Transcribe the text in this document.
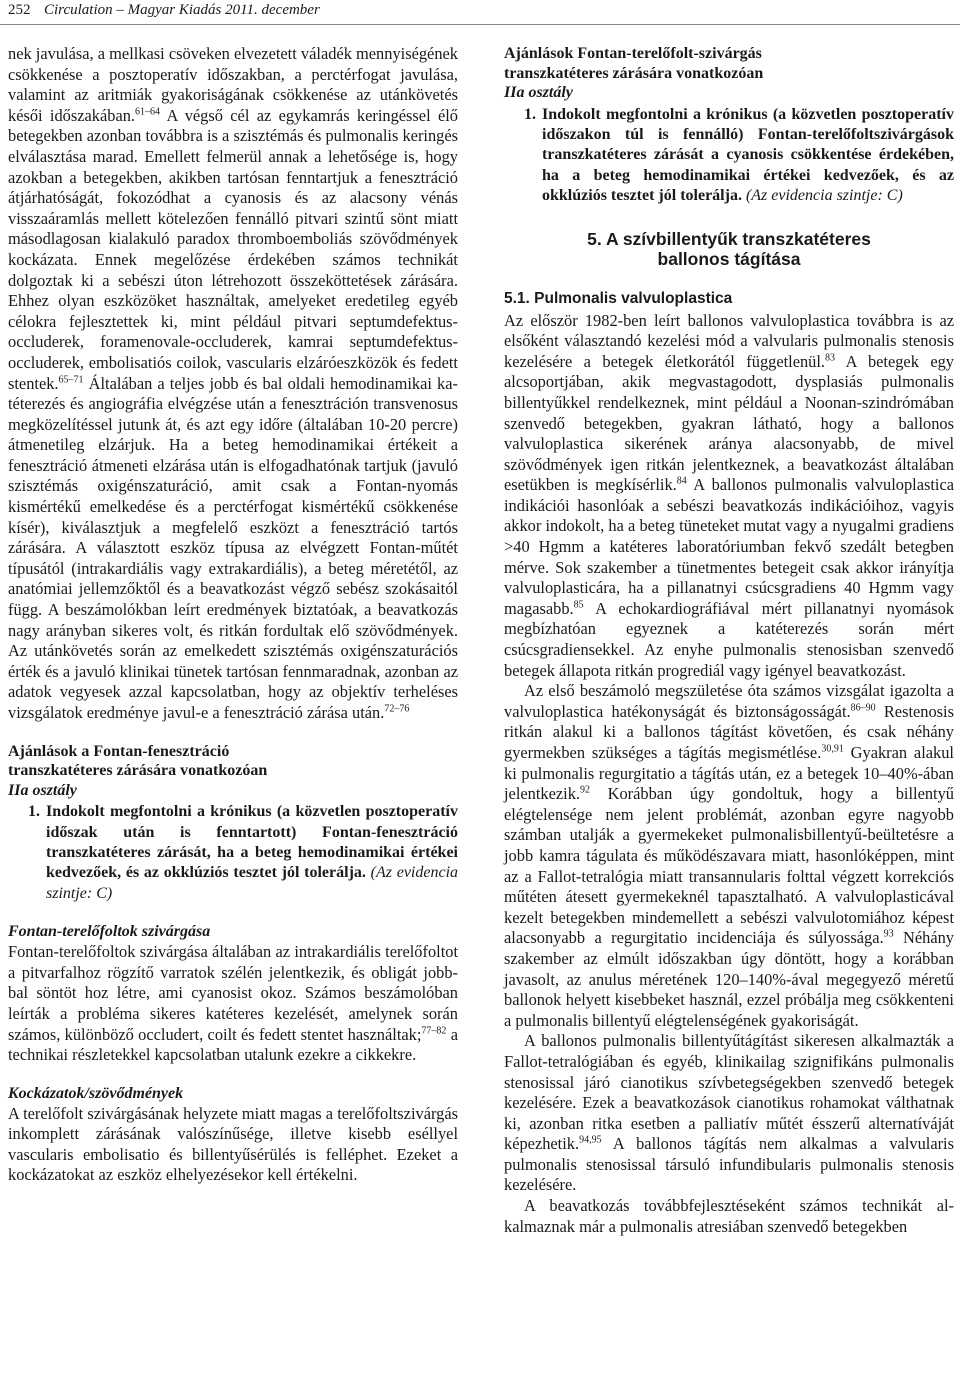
252 Circulation – Magyar Kiadás 2011. december

nek javulása, a mellkasi csöveken elvezetett váladék mennyiségének csökkenése a posztoperatív időszakban, a perctérfogat javulása, valamint az aritmiák gyakoriságának csökkenése az utánkövetés késői időszakában.$^{61-64}$ A végső cél az egykamrás keringéssel élő betegekben azonban továbbra is a szisztémás és pulmonalis keringés elválasztása marad. Emellett felmerül annak a lehetősége is, hogy azokban a betegekben, akikben tartósan fenntartjuk a fenesztráció átjárhatóságát, fokozódhat a cyanosis és az alacsony vénás visszaáramlás mellett kötelezően fennálló pitvari szintű sönt miatt másodlagosan kialakuló paradox thromboemboliás szövődmények kockázata. Ennek megelőzése érdekében számos technikát dolgoztak ki a sebészi úton létrehozott összeköttetések zárására. Ehhez olyan eszközöket használtak, amelyeket eredetileg egyéb célokra fejlesztettek ki, mint például pitvari septumdefektus-occluderek, foramenovale-occluderek, kamrai septumdefektus-occluderek, embolisatiós coilok, vascularis elzáróeszközök és fedett stentek.$^{65-71}$ Általában a teljes jobb és bal oldali hemodinamikai katéterezés és angiográfia elvégzése után a fenesztráción transvenosus megközelítéssel jutunk át, és azt egy időre (általában 10-20 percre) átmenetileg elzárjuk. Ha a beteg hemodinamikai értékeit a fenesztráció átmeneti elzárása után is elfogadhatónak tartjuk (javuló szisztémás oxigénszaturáció, amit csak a Fontan-nyomás kismértékű emelkedése és a perctérfogat kismértékű csökkenése kísér), kiválasztjuk a megfelelő eszközt a fenesztráció tartós zárására. A választott eszköz típusa az elvégzett Fontan-műtét típusától (intrakardiális vagy extrakardiális), a beteg méretétől, az anatómiai jellemzőktől és a beavatkozást végző sebész szokásaitól függ. A beszámolókban leírt eredmények biztatóak, a beavatkozás nagy arányban sikeres volt, és ritkán fordultak elő szövődmények. Az utánkövetés során az emelkedett szisztémás oxigénszaturációs érték és a javuló klinikai tünetek tartósan fennmaradnak, azonban az adatok vegyesek azzal kapcsolatban, hogy az objektív terheléses vizsgálatok eredménye javul-e a fenesztráció zárása után.$^{72-76}$

Ajánlások a Fontan-fenesztráció
transzkatéteres zárására vonatkozóan
IIa osztály
1. Indokolt megfontolni a krónikus (a közvetlen posztoperatív időszak után is fenntartott) Fontan-fenesztráció transzkatéteres zárását, ha a beteg hemodinamikai értékei kedvezőek, és az okklúziós tesztet jól tolerálja. (Az evidencia szintje: C)
Fontan-terelőfoltok szivárgása

Fontan-terelőfoltok szivárgása általában az intrakardiális terelőfoltot a pitvarfalhoz rögzítő varratok szélén jelentkezik, és obligát jobb-bal söntöt hoz létre, ami cyanosist okoz. Számos beszámolóban leírták a probléma sikeres katéteres kezelését, amelynek során számos, különböző occludert, coilt és fedett stentet használtak;$^{77-82}$ a technikai részletekkel kapcsolatban utalunk ezekre a cikkekre.

Kockázatok/szövődmények

A terelőfolt szivárgásának helyzete miatt magas a terelőfoltszivárgás inkomplett zárásának valószínűsége, illetve kisebb eséllyel vascularis embolisatio és billentyűsérülés is felléphet. Ezeket a kockázatokat az eszköz elhelyezésekor kell értékelni.

Ajánlások Fontan-terelőfolt-szivárgás
transzkatéteres zárására vonatkozóan
IIa osztály
1. Indokolt megfontolni a krónikus (a közvetlen posztoperatív időszakon túl is fennálló) Fontan-terelőfoltszivárgások transzkatéteres zárását a cyanosis csökkentése érdekében, ha a beteg hemodinamikai értékei kedvezőek, és az okklúziós tesztet jól tolerálja. (Az evidencia szintje: C)
5. A szívbillentyűk transzkatéteres
ballonos tágítása
5.1. Pulmonalis valvuloplastica

Az először 1982-ben leírt ballonos valvuloplastica továbbra is az elsőként választandó kezelési mód a valvularis pulmonalis stenosis kezelésére a betegek életkorától függetlenül.$^{83}$ A betegek egy alcsoportjában, akik megvastagodott, dysplasiás pulmonalis billentyűkkel rendelkeznek, mint például a Noonan-szindrómában szenvedő betegekben, gyakran látható, hogy a ballonos valvuloplastica sikerének aránya alacsonyabb, de mivel szövődmények igen ritkán jelentkeznek, a beavatkozást általában esetükben is megkísérlik.$^{84}$ A ballonos pulmonalis valvuloplastica indikációi hasonlóak a sebészi beavatkozás indikációihoz, vagyis akkor indokolt, ha a beteg tüneteket mutat vagy a nyugalmi gradiens >40 Hgmm a katéteres laboratóriumban fekvő szedált betegben mérve. Sok szakember a tünetmentes betegeit csak akkor irányítja valvuloplasticára, ha a pillanatnyi csúcsgradiens 40 Hgmm vagy magasabb.$^{85}$ A echokardiográfiával mért pillanatnyi nyomások megbízhatóan egyeznek a katéterezés során mért csúcsgradiensekkel. Az enyhe pulmonalis stenosisban szenvedő betegek állapota ritkán progrediál vagy igényel beavatkozást.

Az első beszámoló megszületése óta számos vizsgálat igazolta a valvuloplastica hatékonyságát és biztonságosságát.$^{86-90}$ Restenosis ritkán alakul ki a ballonos tágítást követően, és csak néhány gyermekben szükséges a tágítás megismétlése.$^{30,91}$ Gyakran alakul ki pulmonalis regurgitatio a tágítás után, ez a betegek 10–40%-ában jelentkezik.$^{92}$ Korábban úgy gondoltuk, hogy a billentyű elégtelensége nem jelent problémát, azonban egyre nagyobb számban utalják a gyermekeket pulmonalisbillentyű-beültetésre a jobb kamra tágulata és működészavara miatt, hasonlóképpen, mint az a Fallot-tetralógia miatt transannularis folttal végzett korrekciós műtéten átesett gyermekeknél tapasztalható. A valvuloplasticával kezelt betegekben mindemellett a sebészi valvulotomiához képest alacsonyabb a regurgitatio incidenciája és súlyossága.$^{93}$ Néhány szakember az elmúlt időszakban úgy döntött, hogy a korábban javasolt, az anulus méretének 120–140%-ával megegyező méretű ballonok helyett kisebbeket használ, ezzel próbálja meg csökkenteni a pulmonalis billentyű elégtelenségének gyakoriságát.

A ballonos pulmonalis billentyűtágítást sikeresen alkalmazták a Fallot-tetralógiában és egyéb, klinikailag szignifikáns pulmonalis stenosissal járó cianotikus szívbetegségekben szenvedő betegek kezelésére. Ezek a beavatkozások cianotikus rohamokat válthatnak ki, azonban ritka esetben a palliatív műtét ésszerű alternatíváját képezhetik.$^{94,95}$ A ballonos tágítás nem alkalmas a valvularis pulmonalis stenosissal társuló infundibularis pulmonalis stenosis kezelésére.

A beavatkozás továbbfejlesztéseként számos technikát alkalmaznak már a pulmonalis atresiában szenvedő betegekben
